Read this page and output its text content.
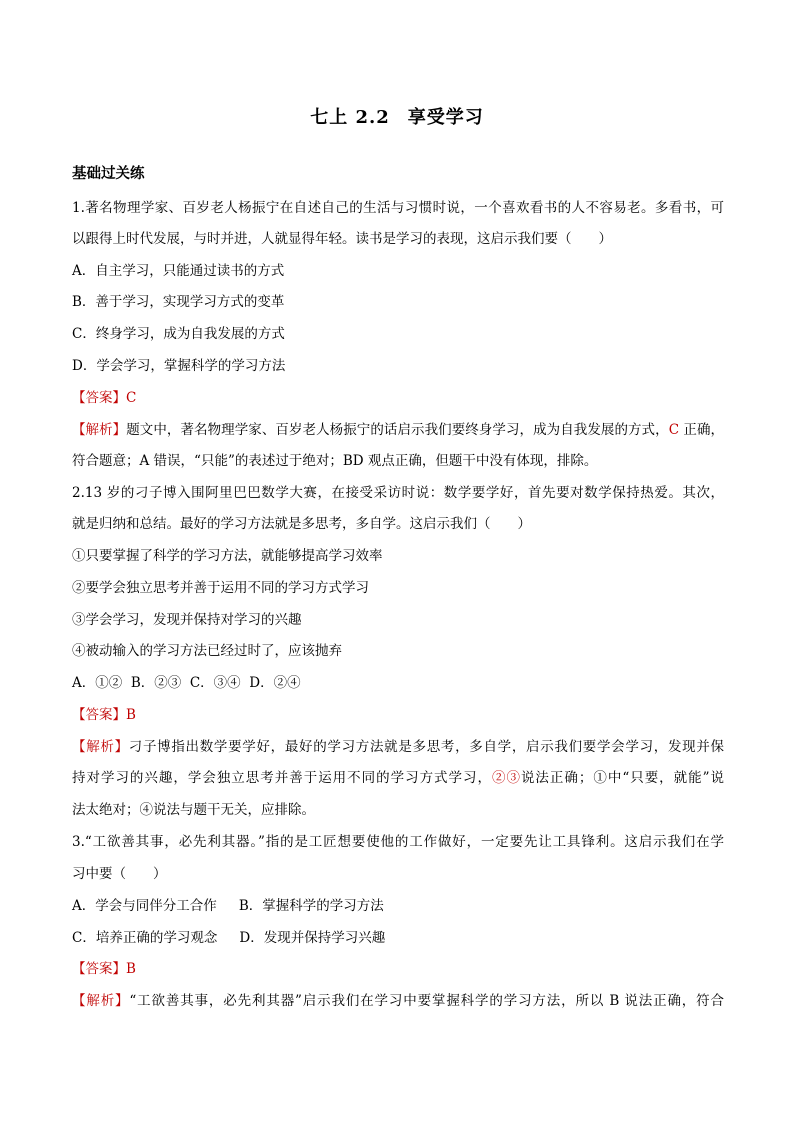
七上 2.2 享受学习
基础过关练
1.著名物理学家、百岁老人杨振宁在自述自己的生活与习惯时说，一个喜欢看书的人不容易老。多看书，可
以跟得上时代发展，与时并进，人就显得年轻。读书是学习的表现，这启示我们要（　　）
A．自主学习，只能通过读书的方式
B．善于学习，实现学习方式的变革
C．终身学习，成为自我发展的方式
D．学会学习，掌握科学的学习方法
【答案】C
【解析】题文中，著名物理学家、百岁老人杨振宁的话启示我们要终身学习，成为自我发展的方式，C 正确，
符合题意；A 错误，“只能”的表述过于绝对；BD 观点正确，但题干中没有体现，排除。
2.13 岁的刁子博入围阿里巴巴数学大赛，在接受采访时说：数学要学好，首先要对数学保持热爱。其次，
就是归纳和总结。最好的学习方法就是多思考，多自学。这启示我们（　　）
①只要掌握了科学的学习方法，就能够提高学习效率
②要学会独立思考并善于运用不同的学习方式学习
③学会学习，发现并保持对学习的兴趣
④被动输入的学习方法已经过时了，应该抛弃
A．①②  B．②③  C．③④  D．②④
【答案】B
【解析】刁子博指出数学要学好，最好的学习方法就是多思考，多自学，启示我们要学会学习，发现并保
持对学习的兴趣，学会独立思考并善于运用不同的学习方式学习，②③说法正确；①中“只要，就能”说
法太绝对；④说法与题干无关，应排除。
3.“工欲善其事，必先利其器。”指的是工匠想要使他的工作做好，一定要先让工具锋利。这启示我们在学
习中要（　　）
A．学会与同伴分工合作　  B．掌握科学的学习方法
C．培养正确的学习观念　  D．发现并保持学习兴趣
【答案】B
【解析】“工欲善其事，必先利其器”启示我们在学习中要掌握科学的学习方法，所以 B 说法正确，符合
